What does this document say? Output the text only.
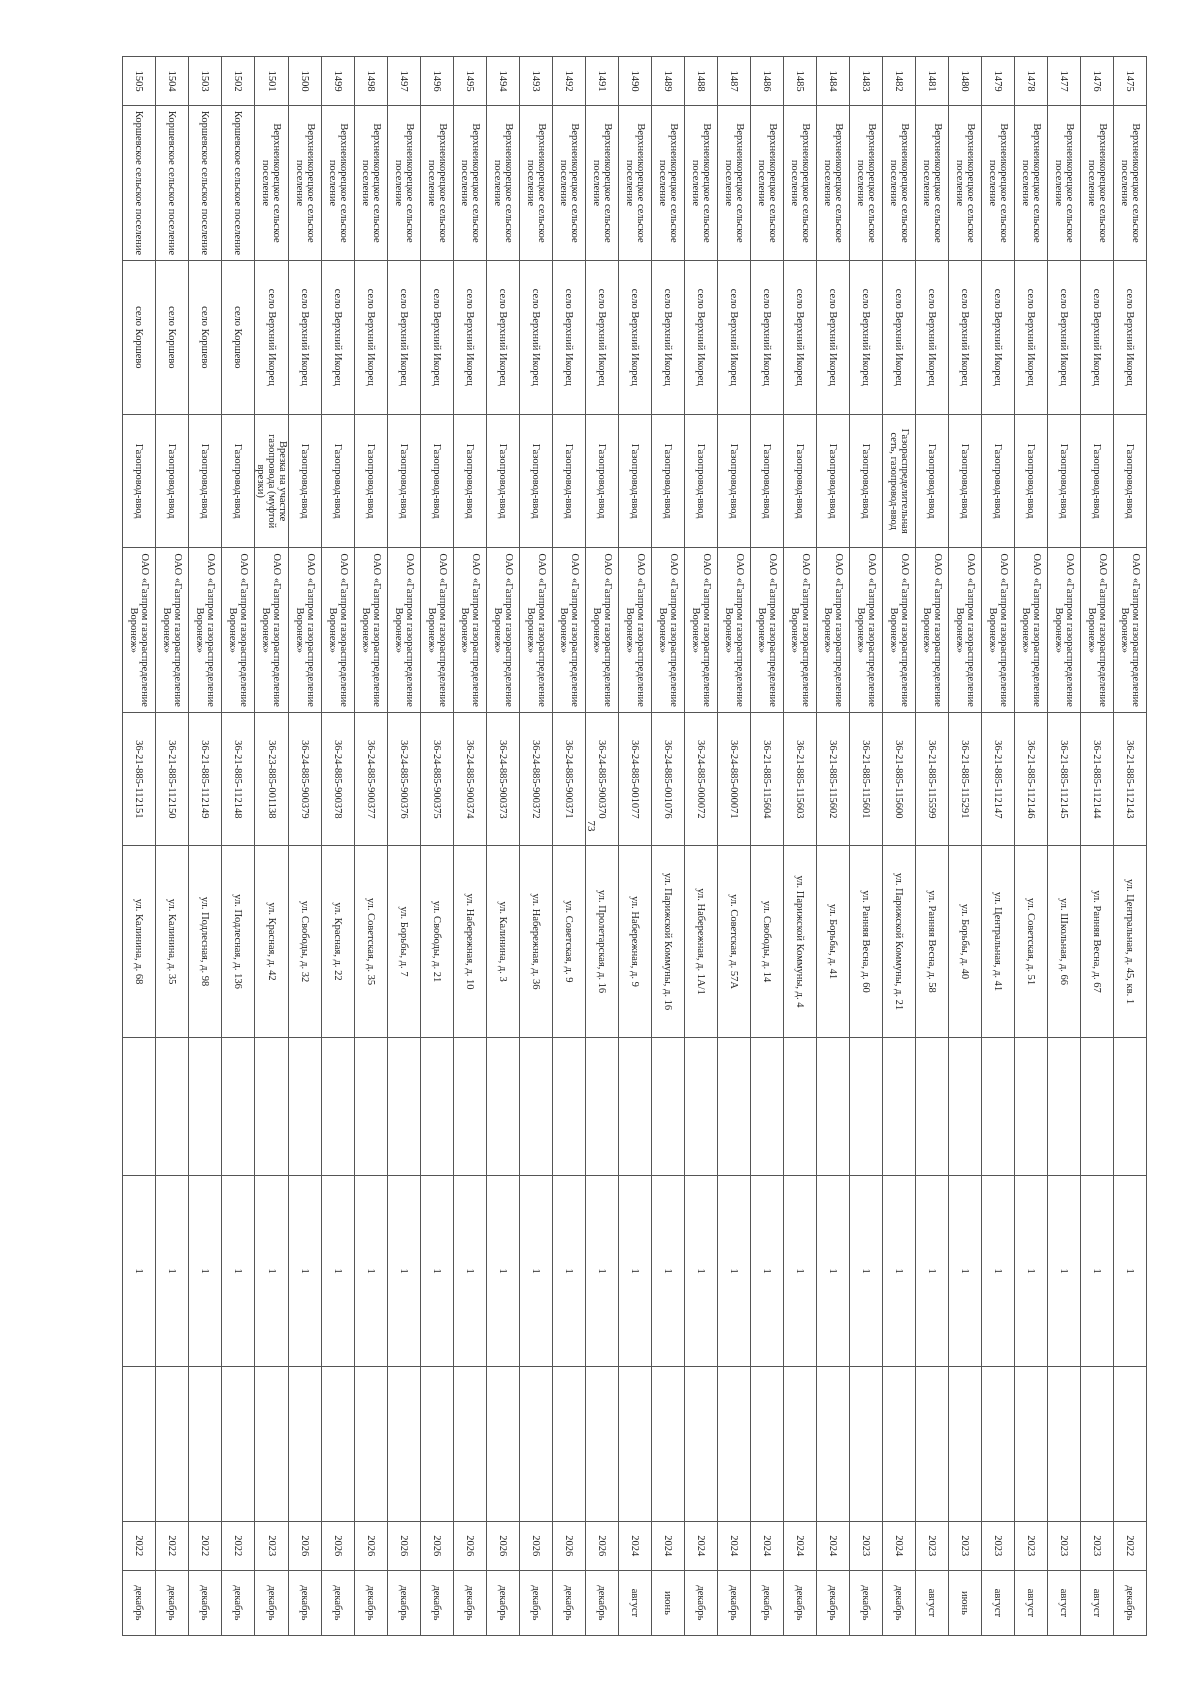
73
1475	Верхнеикорецкое сельское поселение	село Верхний Икорец	Газопровод-ввод	ОАО «Газпром газораспределение Воронеж»	36-21-885-112143	ул. Центральная, д. 45, кв. 1		1		2022	декабрь
1476	Верхнеикорецкое сельское поселение	село Верхний Икорец	Газопровод-ввод	ОАО «Газпром газораспределение Воронеж»	36-21-885-112144	ул. Ранняя Весна, д. 67		1		2023	август
1477	Верхнеикорецкое сельское поселение	село Верхний Икорец	Газопровод-ввод	ОАО «Газпром газораспределение Воронеж»	36-21-885-112145	ул. Школьная, д. 66		1		2023	август
1478	Верхнеикорецкое сельское поселение	село Верхний Икорец	Газопровод-ввод	ОАО «Газпром газораспределение Воронеж»	36-21-885-112146	ул. Советская, д. 51		1		2023	август
1479	Верхнеикорецкое сельское поселение	село Верхний Икорец	Газопровод-ввод	ОАО «Газпром газораспределение Воронеж»	36-21-885-112147	ул. Центральная, д. 41		1		2023	август
1480	Верхнеикорецкое сельское поселение	село Верхний Икорец	Газопровод-ввод	ОАО «Газпром газораспределение Воронеж»	36-21-885-115291	ул. Борьбы, д. 40		1		2023	июнь
1481	Верхнеикорецкое сельское поселение	село Верхний Икорец	Газопровод-ввод	ОАО «Газпром газораспределение Воронеж»	36-21-885-115599	ул. Ранняя Весна, д. 58		1		2023	август
1482	Верхнеикорецкое сельское поселение	село Верхний Икорец	Газораспределительная сеть, газопровод-ввод	ОАО «Газпром газораспределение Воронеж»	36-21-885-115600	ул. Парижской Коммуны, д. 21		1		2024	декабрь
1483	Верхнеикорецкое сельское поселение	село Верхний Икорец	Газопровод-ввод	ОАО «Газпром газораспределение Воронеж»	36-21-885-115601	ул. Ранняя Весна, д. 60		1		2023	декабрь
1484	Верхнеикорецкое сельское поселение	село Верхний Икорец	Газопровод-ввод	ОАО «Газпром газораспределение Воронеж»	36-21-885-115602	ул. Борьбы, д. 41		1		2024	декабрь
1485	Верхнеикорецкое сельское поселение	село Верхний Икорец	Газопровод-ввод	ОАО «Газпром газораспределение Воронеж»	36-21-885-115603	ул. Парижской Коммуны, д. 4		1		2024	декабрь
1486	Верхнеикорецкое сельское поселение	село Верхний Икорец	Газопровод-ввод	ОАО «Газпром газораспределение Воронеж»	36-21-885-115604	ул. Свободы, д. 14		1		2024	декабрь
1487	Верхнеикорецкое сельское поселение	село Верхний Икорец	Газопровод-ввод	ОАО «Газпром газораспределение Воронеж»	36-24-885-000071	ул. Советская, д. 57А		1		2024	декабрь
1488	Верхнеикорецкое сельское поселение	село Верхний Икорец	Газопровод-ввод	ОАО «Газпром газораспределение Воронеж»	36-24-885-000072	ул. Набережная, д. 1А/1		1		2024	декабрь
1489	Верхнеикорецкое сельское поселение	село Верхний Икорец	Газопровод-ввод	ОАО «Газпром газораспределение Воронеж»	36-24-885-001076	ул. Парижской Коммуны, д. 16		1		2024	июнь
1490	Верхнеикорецкое сельское поселение	село Верхний Икорец	Газопровод-ввод	ОАО «Газпром газораспределение Воронеж»	36-24-885-001077	ул. Набережная, д. 9		1		2024	август
1491	Верхнеикорецкое сельское поселение	село Верхний Икорец	Газопровод-ввод	ОАО «Газпром газораспределение Воронеж»	36-24-885-900370	ул. Пролетарская, д. 16		1		2026	декабрь
1492	Верхнеикорецкое сельское поселение	село Верхний Икорец	Газопровод-ввод	ОАО «Газпром газораспределение Воронеж»	36-24-885-900371	ул. Советская, д. 9		1		2026	декабрь
1493	Верхнеикорецкое сельское поселение	село Верхний Икорец	Газопровод-ввод	ОАО «Газпром газораспределение Воронеж»	36-24-885-900372	ул. Набережная, д. 36		1		2026	декабрь
1494	Верхнеикорецкое сельское поселение	село Верхний Икорец	Газопровод-ввод	ОАО «Газпром газораспределение Воронеж»	36-24-885-900373	ул. Калинина, д. 3		1		2026	декабрь
1495	Верхнеикорецкое сельское поселение	село Верхний Икорец	Газопровод-ввод	ОАО «Газпром газораспределение Воронеж»	36-24-885-900374	ул. Набережная, д. 10		1		2026	декабрь
1496	Верхнеикорецкое сельское поселение	село Верхний Икорец	Газопровод-ввод	ОАО «Газпром газораспределение Воронеж»	36-24-885-900375	ул. Свободы, д. 21		1		2026	декабрь
1497	Верхнеикорецкое сельское поселение	село Верхний Икорец	Газопровод-ввод	ОАО «Газпром газораспределение Воронеж»	36-24-885-900376	ул. Борьбы, д. 7		1		2026	декабрь
1498	Верхнеикорецкое сельское поселение	село Верхний Икорец	Газопровод-ввод	ОАО «Газпром газораспределение Воронеж»	36-24-885-900377	ул. Советская, д. 35		1		2026	декабрь
1499	Верхнеикорецкое сельское поселение	село Верхний Икорец	Газопровод-ввод	ОАО «Газпром газораспределение Воронеж»	36-24-885-900378	ул. Красная, д. 22		1		2026	декабрь
1500	Верхнеикорецкое сельское поселение	село Верхний Икорец	Газопровод-ввод	ОАО «Газпром газораспределение Воронеж»	36-24-885-900379	ул. Свободы, д. 32		1		2026	декабрь
1501	Верхнеикорецкое сельское поселение	село Верхний Икорец	Врезка на участке газопровода (муфтой врезки)	ОАО «Газпром газораспределение Воронеж»	36-23-885-001138	ул. Красная, д. 42		1		2023	декабрь
1502	Коршевское сельское поселение	село Коршево	Газопровод-ввод	ОАО «Газпром газораспределение Воронеж»	36-21-885-112148	ул. Подлесная, д. 136		1		2022	декабрь
1503	Коршевское сельское поселение	село Коршево	Газопровод-ввод	ОАО «Газпром газораспределение Воронеж»	36-21-885-112149	ул. Подлесная, д. 98		1		2022	декабрь
1504	Коршевское сельское поселение	село Коршево	Газопровод-ввод	ОАО «Газпром газораспределение Воронеж»	36-21-885-112150	ул. Калинина, д. 35		1		2022	декабрь
1505	Коршевское сельское поселение	село Коршево	Газопровод-ввод	ОАО «Газпром газораспределение Воронеж»	36-21-885-112151	ул. Калинина, д. 68		1		2022	декабрь
